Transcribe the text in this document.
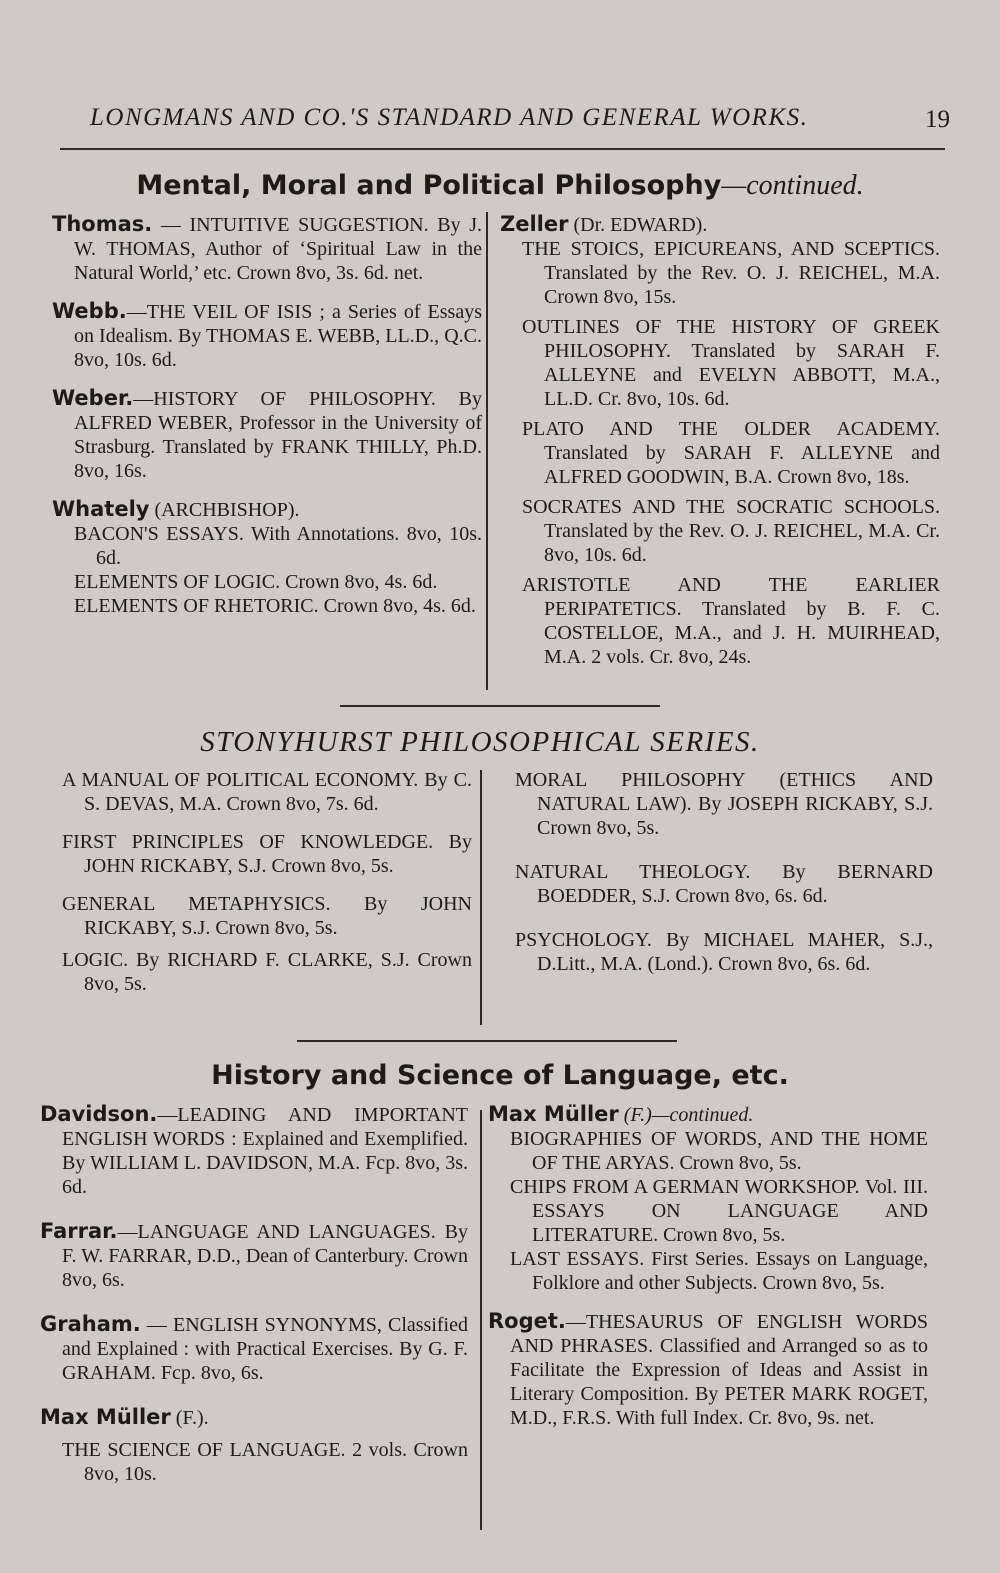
LONGMANS AND CO.'S STANDARD AND GENERAL WORKS.	19
Mental, Moral and Political Philosophy—continued.
Thomas. — INTUITIVE SUGGESTION. By J. W. THOMAS, Author of ‘Spiritual Law in the Natural World,’ etc. Crown 8vo, 3s. 6d. net.
Webb.—THE VEIL OF ISIS ; a Series of Essays on Idealism. By THOMAS E. WEBB, LL.D., Q.C. 8vo, 10s. 6d.
Weber.—HISTORY OF PHILOSOPHY. By ALFRED WEBER, Professor in the University of Strasburg. Translated by FRANK THILLY, Ph.D. 8vo, 16s.
Whately (ARCHBISHOP).
BACON'S ESSAYS. With Annotations. 8vo, 10s. 6d.
ELEMENTS OF LOGIC. Crown 8vo, 4s. 6d.
ELEMENTS OF RHETORIC. Crown 8vo, 4s. 6d.
Zeller (Dr. EDWARD).
THE STOICS, EPICUREANS, AND SCEPTICS. Translated by the Rev. O. J. REICHEL, M.A. Crown 8vo, 15s.
OUTLINES OF THE HISTORY OF GREEK PHILOSOPHY. Translated by SARAH F. ALLEYNE and EVELYN ABBOTT, M.A., LL.D. Cr. 8vo, 10s. 6d.
PLATO AND THE OLDER ACADEMY. Translated by SARAH F. ALLEYNE and ALFRED GOODWIN, B.A. Crown 8vo, 18s.
SOCRATES AND THE SOCRATIC SCHOOLS. Translated by the Rev. O. J. REICHEL, M.A. Cr. 8vo, 10s. 6d.
ARISTOTLE AND THE EARLIER PERIPATETICS. Translated by B. F. C. COSTELLOE, M.A., and J. H. MUIRHEAD, M.A. 2 vols. Cr. 8vo, 24s.
STONYHURST PHILOSOPHICAL SERIES.
A MANUAL OF POLITICAL ECONOMY. By C. S. DEVAS, M.A. Crown 8vo, 7s. 6d.
FIRST PRINCIPLES OF KNOWLEDGE. By JOHN RICKABY, S.J. Crown 8vo, 5s.
GENERAL METAPHYSICS. By JOHN RICKABY, S.J. Crown 8vo, 5s.
LOGIC. By RICHARD F. CLARKE, S.J. Crown 8vo, 5s.
MORAL PHILOSOPHY (ETHICS AND NATURAL LAW). By JOSEPH RICKABY, S.J. Crown 8vo, 5s.
NATURAL THEOLOGY. By BERNARD BOEDDER, S.J. Crown 8vo, 6s. 6d.
PSYCHOLOGY. By MICHAEL MAHER, S.J., D.Litt., M.A. (Lond.). Crown 8vo, 6s. 6d.
History and Science of Language, etc.
Davidson.—LEADING AND IMPORTANT ENGLISH WORDS : Explained and Exemplified. By WILLIAM L. DAVIDSON, M.A. Fcp. 8vo, 3s. 6d.
Farrar.—LANGUAGE AND LANGUAGES. By F. W. FARRAR, D.D., Dean of Canterbury. Crown 8vo, 6s.
Graham. — ENGLISH SYNONYMS, Classified and Explained : with Practical Exercises. By G. F. GRAHAM. Fcp. 8vo, 6s.
Max Müller (F.).
THE SCIENCE OF LANGUAGE. 2 vols. Crown 8vo, 10s.
Max Müller (F.)—continued.
BIOGRAPHIES OF WORDS, AND THE HOME OF THE ARYAS. Crown 8vo, 5s.
CHIPS FROM A GERMAN WORKSHOP. Vol. III. ESSAYS ON LANGUAGE AND LITERATURE. Crown 8vo, 5s.
LAST ESSAYS. First Series. Essays on Language, Folklore and other Subjects. Crown 8vo, 5s.
Roget.—THESAURUS OF ENGLISH WORDS AND PHRASES. Classified and Arranged so as to Facilitate the Expression of Ideas and Assist in Literary Composition. By PETER MARK ROGET, M.D., F.R.S. With full Index. Cr. 8vo, 9s. net.
